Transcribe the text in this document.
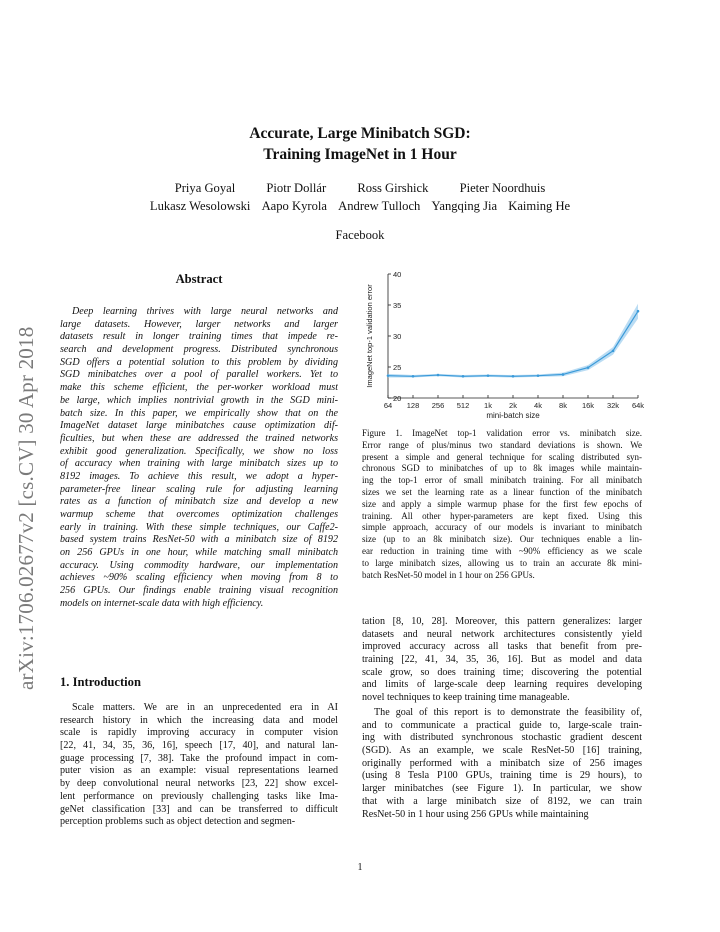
Accurate, Large Minibatch SGD:
Training ImageNet in 1 Hour
Priya Goyal Piotr Dollár Ross Girshick Pieter Noordhuis
Lukasz Wesolowski Aapo Kyrola Andrew Tulloch Yangqing Jia Kaiming He
Facebook
arXiv:1706.02677v2 [cs.CV] 30 Apr 2018
Abstract
Deep learning thrives with large neural networks and
large datasets. However, larger networks and larger
datasets result in longer training times that impede re-
search and development progress. Distributed synchronous
SGD offers a potential solution to this problem by dividing
SGD minibatches over a pool of parallel workers. Yet to
make this scheme efficient, the per-worker workload must
be large, which implies nontrivial growth in the SGD mini-
batch size. In this paper, we empirically show that on the
ImageNet dataset large minibatches cause optimization dif-
ficulties, but when these are addressed the trained networks
exhibit good generalization. Specifically, we show no loss
of accuracy when training with large minibatch sizes up to
8192 images. To achieve this result, we adopt a hyper-
parameter-free linear scaling rule for adjusting learning
rates as a function of minibatch size and develop a new
warmup scheme that overcomes optimization challenges
early in training. With these simple techniques, our Caffe2-
based system trains ResNet-50 with a minibatch size of 8192
on 256 GPUs in one hour, while matching small minibatch
accuracy. Using commodity hardware, our implementation
achieves ~90% scaling efficiency when moving from 8 to
256 GPUs. Our findings enable training visual recognition
models on internet-scale data with high efficiency.
1. Introduction
Scale matters. We are in an unprecedented era in AI
research history in which the increasing data and model
scale is rapidly improving accuracy in computer vision
[22, 41, 34, 35, 36, 16], speech [17, 40], and natural lan-
guage processing [7, 38]. Take the profound impact in com-
puter vision as an example: visual representations learned
by deep convolutional neural networks [23, 22] show excel-
lent performance on previously challenging tasks like Ima-
geNet classification [33] and can be transferred to difficult
perception problems such as object detection and segmen-
20
25
30
35
40
64 128 256 512 1k 2k 4k 8k 16k 32k 64k
mini-batch size
ImageNet top-1 validation error
Figure 1. ImageNet top-1 validation error vs. minibatch size.
Error range of plus/minus two standard deviations is shown. We
present a simple and general technique for scaling distributed syn-
chronous SGD to minibatches of up to 8k images while maintain-
ing the top-1 error of small minibatch training. For all minibatch
sizes we set the learning rate as a linear function of the minibatch
size and apply a simple warmup phase for the first few epochs of
training. All other hyper-parameters are kept fixed. Using this
simple approach, accuracy of our models is invariant to minibatch
size (up to an 8k minibatch size). Our techniques enable a lin-
ear reduction in training time with ~90% efficiency as we scale
to large minibatch sizes, allowing us to train an accurate 8k mini-
batch ResNet-50 model in 1 hour on 256 GPUs.
tation [8, 10, 28]. Moreover, this pattern generalizes: larger
datasets and neural network architectures consistently yield
improved accuracy across all tasks that benefit from pre-
training [22, 41, 34, 35, 36, 16]. But as model and data
scale grow, so does training time; discovering the potential
and limits of large-scale deep learning requires developing
novel techniques to keep training time manageable.
The goal of this report is to demonstrate the feasibility of,
and to communicate a practical guide to, large-scale train-
ing with distributed synchronous stochastic gradient descent
(SGD). As an example, we scale ResNet-50 [16] training,
originally performed with a minibatch size of 256 images
(using 8 Tesla P100 GPUs, training time is 29 hours), to
larger minibatches (see Figure 1). In particular, we show
that with a large minibatch size of 8192, we can train
ResNet-50 in 1 hour using 256 GPUs while maintaining
1
